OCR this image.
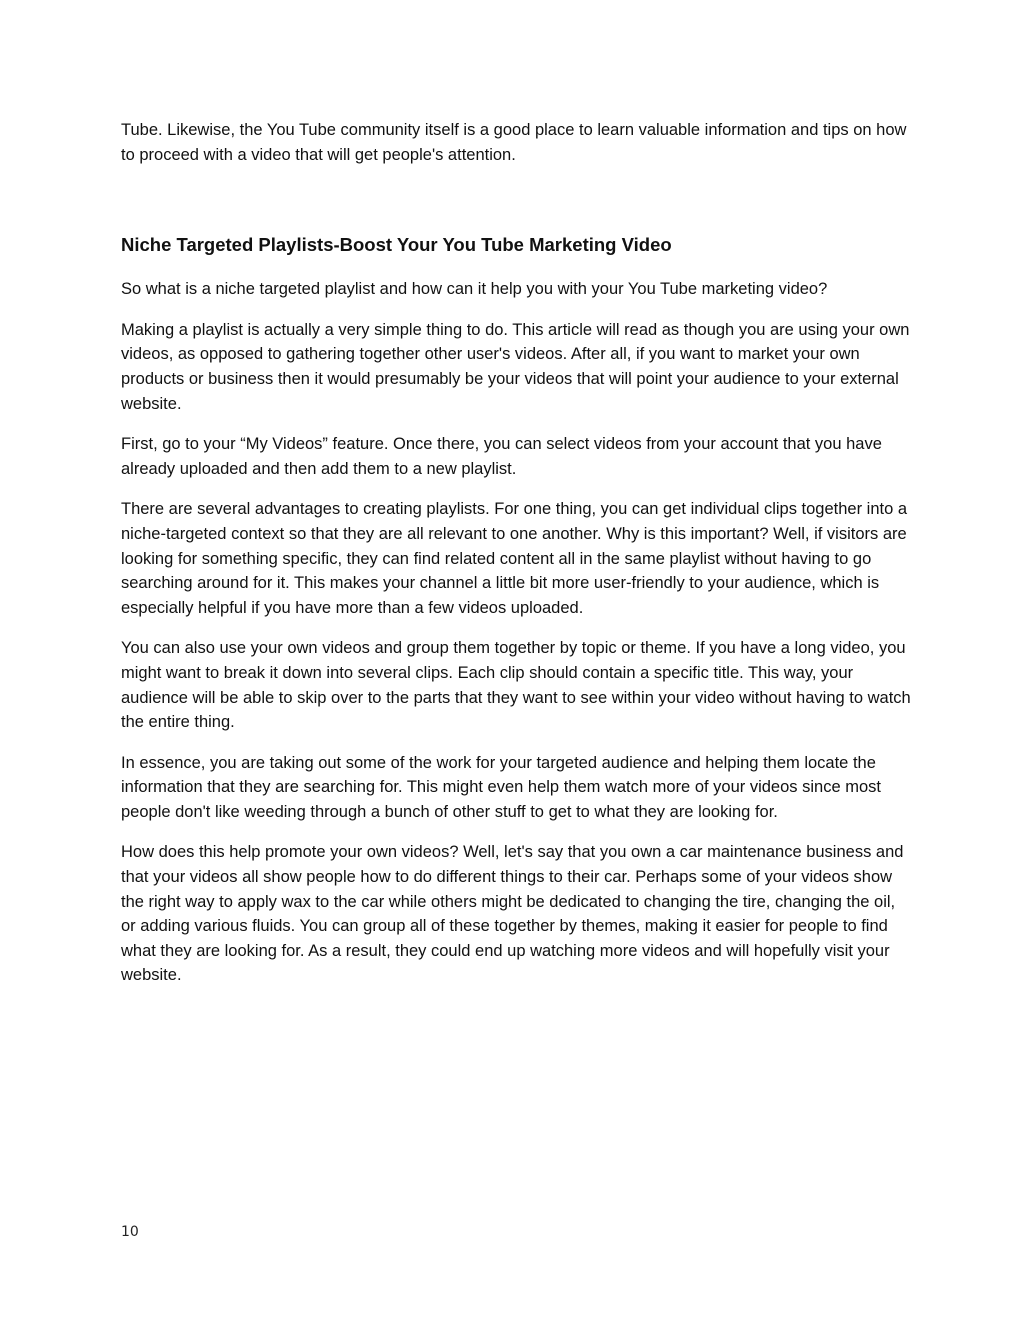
Tube. Likewise, the You Tube community itself is a good place to learn valuable information and tips on how to proceed with a video that will get people's attention.

Niche Targeted Playlists-Boost Your You Tube Marketing Video

So what is a niche targeted playlist and how can it help you with your You Tube marketing video?

Making a playlist is actually a very simple thing to do. This article will read as though you are using your own videos, as opposed to gathering together other user's videos. After all, if you want to market your own products or business then it would presumably be your videos that will point your audience to your external website.

First, go to your “My Videos” feature. Once there, you can select videos from your account that you have already uploaded and then add them to a new playlist.

There are several advantages to creating playlists. For one thing, you can get individual clips together into a niche-targeted context so that they are all relevant to one another. Why is this important? Well, if visitors are looking for something specific, they can find related content all in the same playlist without having to go searching around for it. This makes your channel a little bit more user-friendly to your audience, which is especially helpful if you have more than a few videos uploaded.

You can also use your own videos and group them together by topic or theme. If you have a long video, you might want to break it down into several clips. Each clip should contain a specific title. This way, your audience will be able to skip over to the parts that they want to see within your video without having to watch the entire thing.

In essence, you are taking out some of the work for your targeted audience and helping them locate the information that they are searching for. This might even help them watch more of your videos since most people don't like weeding through a bunch of other stuff to get to what they are looking for.

How does this help promote your own videos? Well, let's say that you own a car maintenance business and that your videos all show people how to do different things to their car. Perhaps some of your videos show the right way to apply wax to the car while others might be dedicated to changing the tire, changing the oil, or adding various fluids. You can group all of these together by themes, making it easier for people to find what they are looking for. As a result, they could end up watching more videos and will hopefully visit your website.

10
